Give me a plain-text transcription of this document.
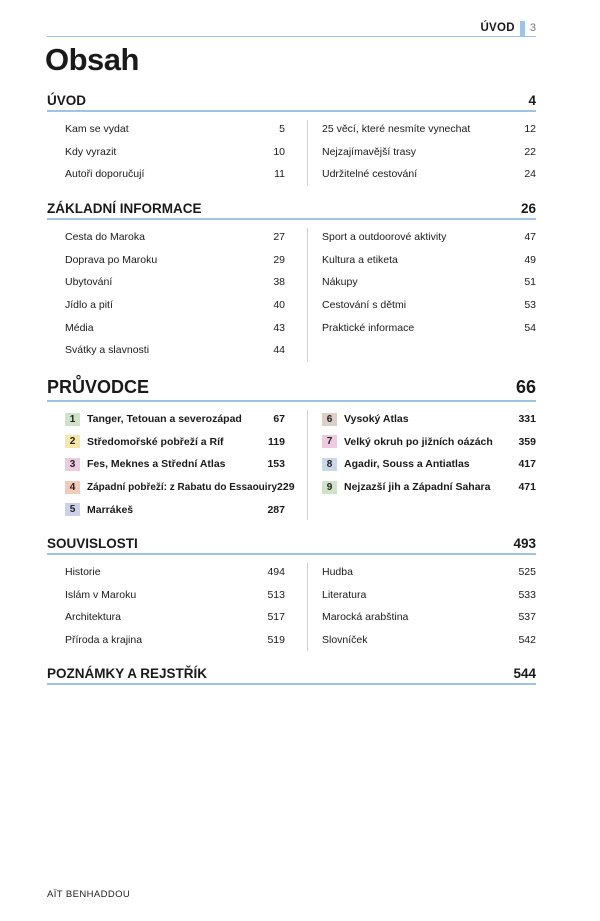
ÚVOD 3
Obsah
ÚVOD	4
Kam se vydat	5
Kdy vyrazit	10
Autoři doporučují	11
25 věcí, které nesmíte vynechat	12
Nejzajímavější trasy	22
Udržitelné cestování	24
ZÁKLADNÍ INFORMACE	26
Cesta do Maroka	27
Doprava po Maroku	29
Ubytování	38
Jídlo a pití	40
Média	43
Svátky a slavnosti	44
Sport a outdoorové aktivity	47
Kultura a etiketa	49
Nákupy	51
Cestování s dětmi	53
Praktické informace	54
PRŮVODCE	66
1	Tanger, Tetouan a severozápad	67
2	Středomořské pobřeží a Ríf	119
3	Fes, Meknes a Střední Atlas	153
4	Západní pobřeží: z Rabatu do Essaouiry 229
5	Marrákeš	287
6	Vysoký Atlas	331
7	Velký okruh po jižních oázách 359
8	Agadir, Souss a Antiatlas	417
9	Nejzazší jih a Západní Sahara	471
SOUVISLOSTI	493
Historie	494
Islám v Maroku	513
Architektura	517
Příroda a krajina	519
Hudba	525
Literatura	533
Marocká arabština	537
Slovníček	542
POZNÁMKY A REJSTŘÍK	544
AÏT BENHADDOU
